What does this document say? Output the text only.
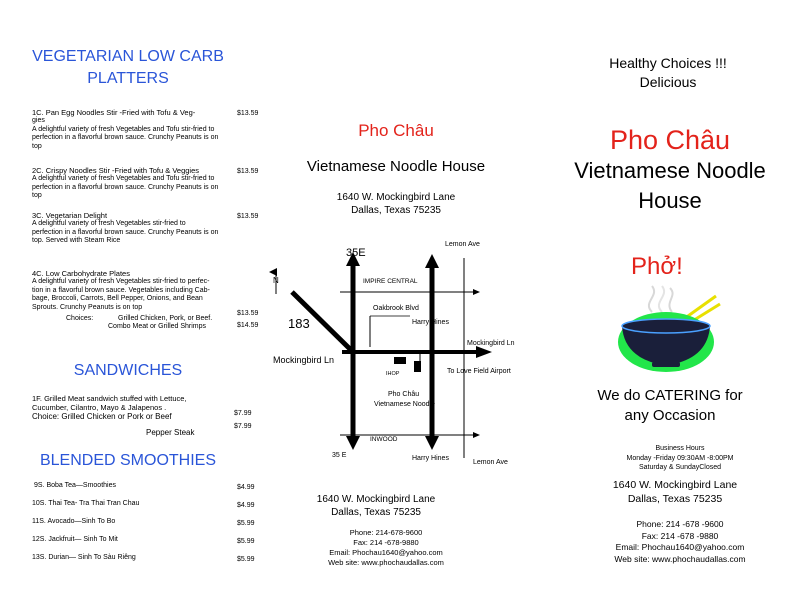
VEGETARIAN LOW CARB
PLATTERS
1C. Pan Egg Noodles Stir -Fried with Tofu & Veg-
gies
A delightful variety of fresh Vegetables and Tofu stir-fried to
perfection in a flavorful brown sauce. Crunchy Peanuts is on
top
$13.59
2C. Crispy Noodles Stir -Fried with Tofu & Veggies
A delightful variety of fresh Vegetables and Tofu stir-fried to
perfection in a flavorful brown sauce. Crunchy Peanuts is on
top
$13.59
3C. Vegetarian Delight
A delightful variety of fresh Vegetables stir-fried to
perfection in a flavorful brown sauce. Crunchy Peanuts is on
top. Served with Steam Rice
$13.59
4C. Low Carbohydrate Plates
A delightful variety of fresh Vegetables stir-fried to perfec-
tion in a flavorful brown sauce. Vegetables including Cab-
bage, Broccoli, Carrots, Bell Pepper, Onions, and Bean
Sprouts. Crunchy Peanuts is on top
Choices:	Grilled Chicken, Pork, or Beef.
Combo Meat or Grilled Shrimps
$13.59
$14.59
SANDWICHES
1F. Grilled Meat sandwich stuffed with Lettuce,
Cucumber, Cilantro, Mayo & Jalapenos .
Choice: Grilled Chicken or Pork or Beef
Pepper Steak
$7.99
$7.99
BLENDED SMOOTHIES
9S. Boba Tea—Smoothies	$4.99
10S. Thai Tea- Tra Thai Tran Chau	$4.99
11S. Avocado—Sinh To Bo	$5.99
12S. Jackfruit— Sinh To Mit	$5.99
13S. Durian— Sinh To Sàu Riêng	$5.99
Pho Châu
Vietnamese Noodle House
1640 W. Mockingbird Lane
Dallas, Texas 75235
N
35E
Lemon Ave
IMPIRE CENTRAL
Oakbrook Blvd
Harry Hines
183
Mockingbird Ln
Mockingbird Ln
IHOP	To Love Field Airport
Pho Châu
Vietnamese Noodle
INWOOD
35 E	Harry Hines
Lemon Ave
1640 W. Mockingbird Lane
Dallas, Texas 75235
Phone: 214-678-9600
Fax: 214 -678-9880
Email: Phochau1640@yahoo.com
Web site: www.phochaudallas.com
Healthy Choices !!!
Delicious
Pho Châu
Vietnamese Noodle
House
Phở!
We do CATERING for
any Occasion
Business Hours
Monday -Friday 09:30AM -8:00PM
Saturday & SundayClosed
1640 W. Mockingbird Lane
Dallas, Texas 75235
Phone: 214 -678 -9600
Fax: 214 -678 -9880
Email: Phochau1640@yahoo.com
Web site: www.phochaudallas.com
